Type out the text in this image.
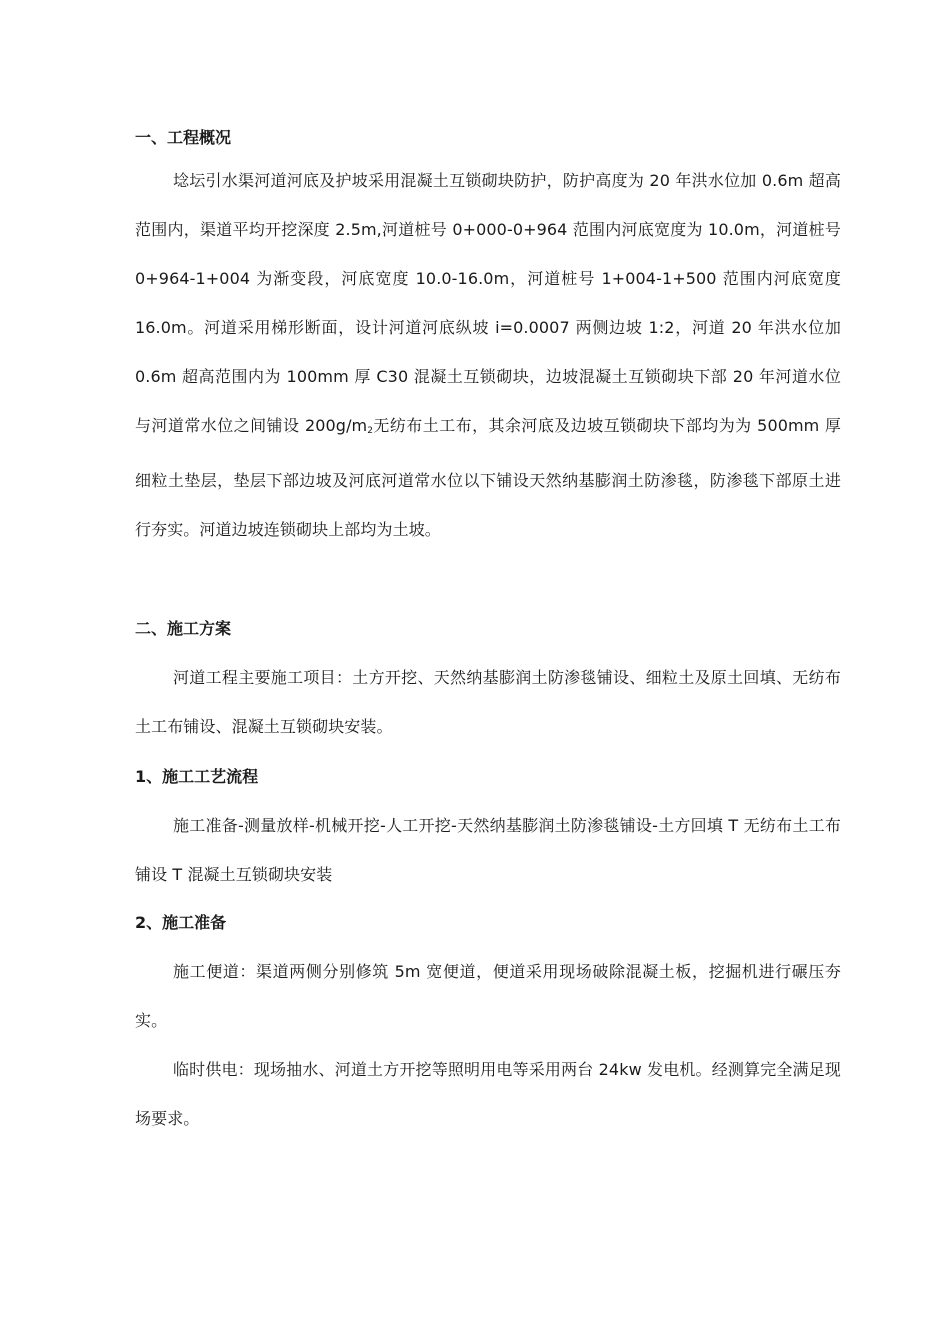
一、工程概况

埝坛引水渠河道河底及护坡采用混凝土互锁砌块防护，防护高度为 20 年洪水位加 0.6m 超高范围内，渠道平均开挖深度 2.5m,河道桩号 0+000-0+964 范围内河底宽度为 10.0m，河道桩号 0+964-1+004 为渐变段，河底宽度 10.0-16.0m，河道桩号 1+004-1+500 范围内河底宽度 16.0m。河道采用梯形断面，设计河道河底纵坡 i=0.0007 两侧边坡 1:2，河道 20 年洪水位加 0.6m 超高范围内为 100mm 厚 C30 混凝土互锁砌块，边坡混凝土互锁砌块下部 20 年河道水位与河道常水位之间铺设 $200g/m_2$无纺布土工布，其余河底及边坡互锁砌块下部均为为 500mm 厚细粒土垫层，垫层下部边坡及河底河道常水位以下铺设天然纳基膨润土防渗毯，防渗毯下部原土进行夯实。河道边坡连锁砌块上部均为土坡。

二、施工方案

河道工程主要施工项目：土方开挖、天然纳基膨润土防渗毯铺设、细粒土及原土回填、无纺布土工布铺设、混凝土互锁砌块安装。

1、施工工艺流程

施工准备-测量放样-机械开挖-人工开挖-天然纳基膨润土防渗毯铺设-土方回填 T 无纺布土工布铺设 T 混凝土互锁砌块安装

2、施工准备

施工便道：渠道两侧分别修筑 5m 宽便道，便道采用现场破除混凝土板，挖掘机进行碾压夯实。

临时供电：现场抽水、河道土方开挖等照明用电等采用两台 24kw 发电机。经测算完全满足现场要求。
